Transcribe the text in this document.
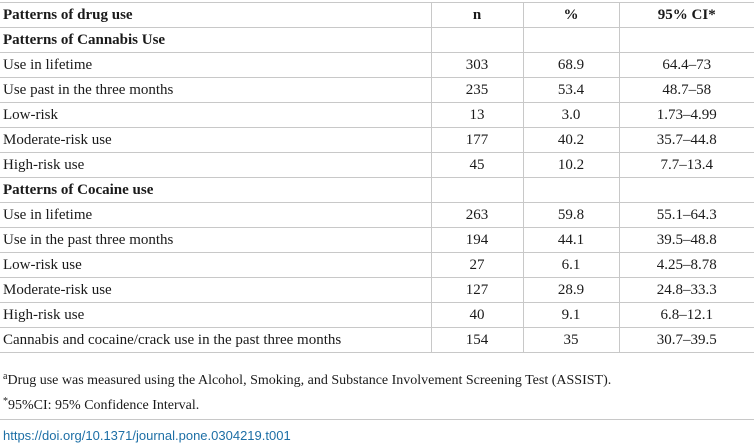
Patterns of drug use	n	%	95% CI*
Patterns of Cannabis Use			
Use in lifetime	303	68.9	64.4–73
Use past in the three months	235	53.4	48.7–58
Low-risk	13	3.0	1.73–4.99
Moderate-risk use	177	40.2	35.7–44.8
High-risk use	45	10.2	7.7–13.4
Patterns of Cocaine use			
Use in lifetime	263	59.8	55.1–64.3
Use in the past three months	194	44.1	39.5–48.8
Low-risk use	27	6.1	4.25–8.78
Moderate-risk use	127	28.9	24.8–33.3
High-risk use	40	9.1	6.8–12.1
Cannabis and cocaine/crack use in the past three months	154	35	30.7–39.5
$^a$Drug use was measured using the Alcohol, Smoking, and Substance Involvement Screening Test (ASSIST).
*95%CI: 95% Confidence Interval.
https://doi.org/10.1371/journal.pone.0304219.t001
